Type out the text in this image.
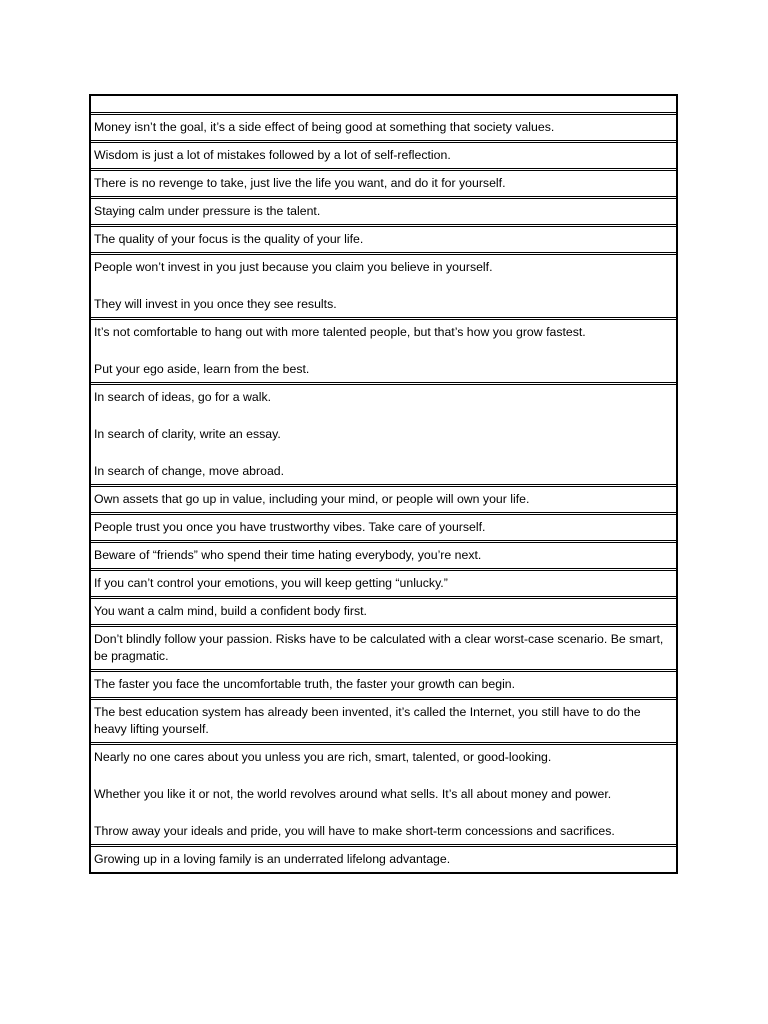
Money isn’t the goal, it’s a side effect of being good at something that society values.

Wisdom is just a lot of mistakes followed by a lot of self-reflection.

There is no revenge to take, just live the life you want, and do it for yourself.

Staying calm under pressure is the talent.

The quality of your focus is the quality of your life.

People won’t invest in you just because you claim you believe in yourself.

They will invest in you once they see results.

It’s not comfortable to hang out with more talented people, but that’s how you grow fastest.

Put your ego aside, learn from the best.

In search of ideas, go for a walk.

In search of clarity, write an essay.

In search of change, move abroad.

Own assets that go up in value, including your mind, or people will own your life.

People trust you once you have trustworthy vibes. Take care of yourself.

Beware of “friends” who spend their time hating everybody, you’re next.

If you can’t control your emotions, you will keep getting “unlucky.”

You want a calm mind, build a confident body first.

Don’t blindly follow your passion. Risks have to be calculated with a clear worst-case scenario. Be smart, be pragmatic.

The faster you face the uncomfortable truth, the faster your growth can begin.

The best education system has already been invented, it’s called the Internet, you still have to do the heavy lifting yourself.

Nearly no one cares about you unless you are rich, smart, talented, or good-looking.

Whether you like it or not, the world revolves around what sells. It’s all about money and power.

Throw away your ideals and pride, you will have to make short-term concessions and sacrifices.

Growing up in a loving family is an underrated lifelong advantage.
